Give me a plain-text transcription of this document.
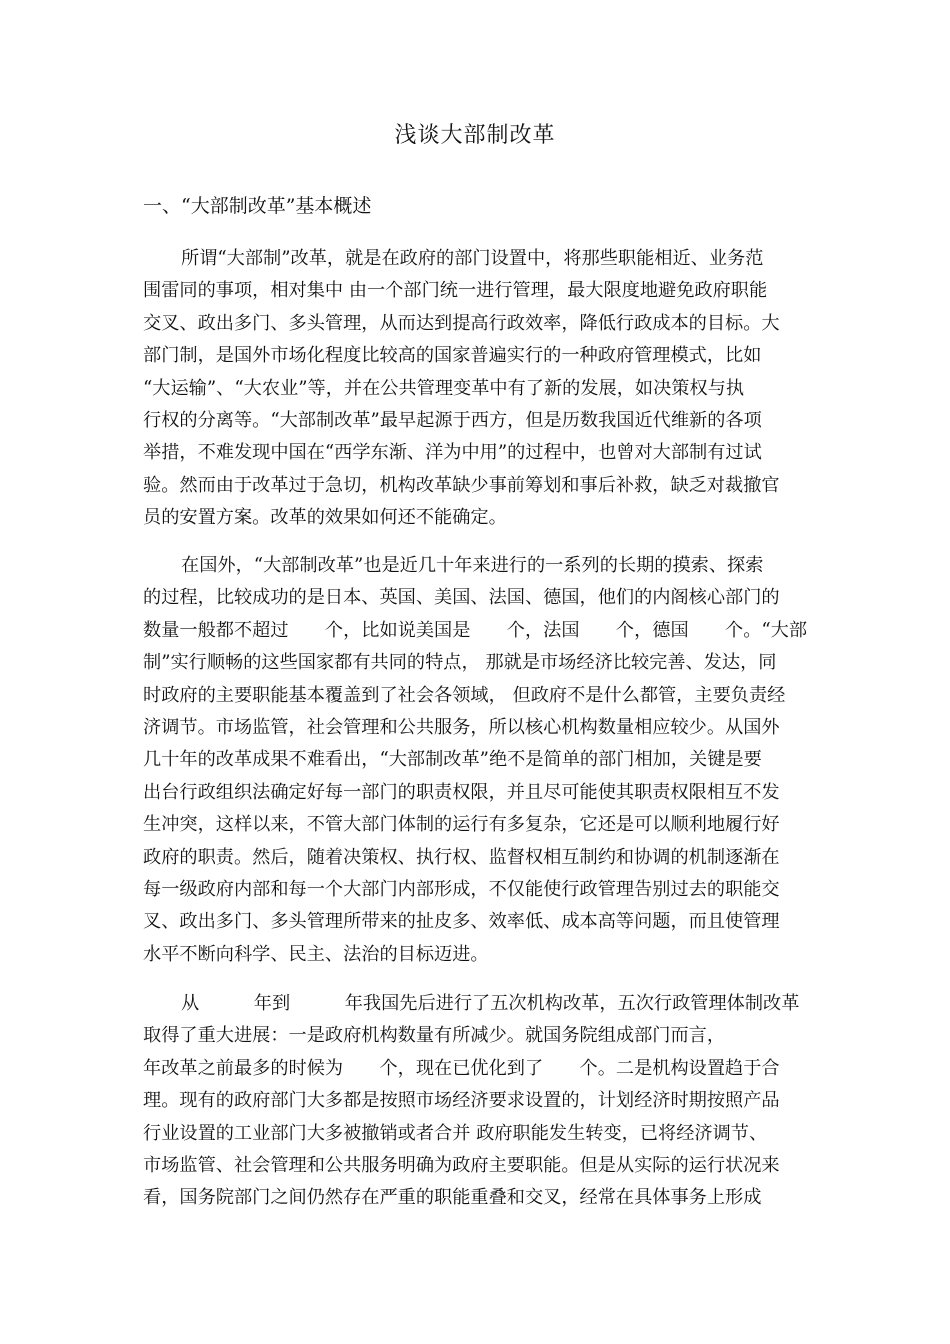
浅谈大部制改革
一、“大部制改革”基本概述
所谓“大部制”改革，就是在政府的部门设置中，将那些职能相近、业务范
围雷同的事项，相对集中 由一个部门统一进行管理，最大限度地避免政府职能
交叉、政出多门、多头管理，从而达到提高行政效率，降低行政成本的目标。大
部门制，是国外市场化程度比较高的国家普遍实行的一种政府管理模式，比如
“大运输”、“大农业”等，并在公共管理变革中有了新的发展，如决策权与执
行权的分离等。“大部制改革”最早起源于西方，但是历数我国近代维新的各项
举措，不难发现中国在“西学东渐、洋为中用”的过程中，也曾对大部制有过试
验。然而由于改革过于急切，机构改革缺少事前筹划和事后补救，缺乏对裁撤官
员的安置方案。改革的效果如何还不能确定。
在国外，“大部制改革”也是近几十年来进行的一系列的长期的摸索、探索
的过程，比较成功的是日本、英国、美国、法国、德国，他们的内阁核心部门的
数量一般都不超过　　个，比如说美国是　　个，法国　　个，德国　　个。“大部
制”实行顺畅的这些国家都有共同的特点， 那就是市场经济比较完善、发达，同
时政府的主要职能基本覆盖到了社会各领域， 但政府不是什么都管，主要负责经
济调节。市场监管，社会管理和公共服务，所以核心机构数量相应较少。从国外
几十年的改革成果不难看出，“大部制改革”绝不是简单的部门相加，关键是要
出台行政组织法确定好每一部门的职责权限，并且尽可能使其职责权限相互不发
生冲突，这样以来，不管大部门体制的运行有多复杂，它还是可以顺利地履行好
政府的职责。然后，随着决策权、执行权、监督权相互制约和协调的机制逐渐在
每一级政府内部和每一个大部门内部形成，不仅能使行政管理告别过去的职能交
叉、政出多门、多头管理所带来的扯皮多、效率低、成本高等问题，而且使管理
水平不断向科学、民主、法治的目标迈进。
从　　　年到　　　年我国先后进行了五次机构改革，五次行政管理体制改革
取得了重大进展：一是政府机构数量有所减少。就国务院组成部门而言，
年改革之前最多的时候为　　个，现在已优化到了　　个。二是机构设置趋于合
理。现有的政府部门大多都是按照市场经济要求设置的，计划经济时期按照产品
行业设置的工业部门大多被撤销或者合并 政府职能发生转变，已将经济调节、
市场监管、社会管理和公共服务明确为政府主要职能。但是从实际的运行状况来
看，国务院部门之间仍然存在严重的职能重叠和交叉，经常在具体事务上形成
